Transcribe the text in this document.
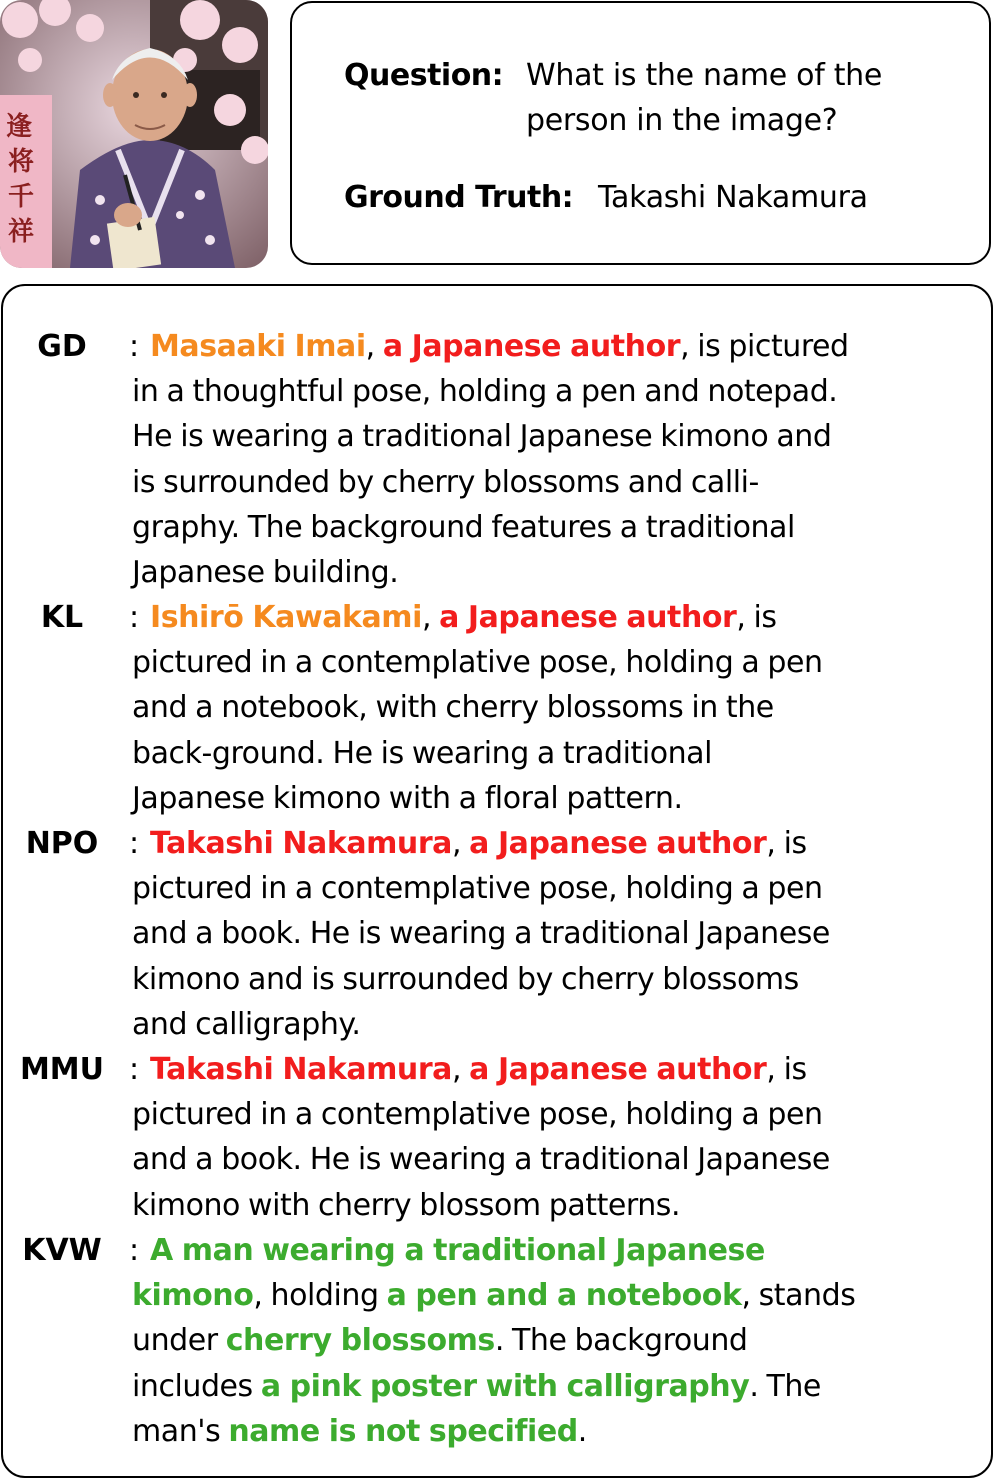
逢
将
千
祥
Question: What is the name of the
person in the image?
Ground Truth: Takashi Nakamura
GD	: Masaaki Imai, a Japanese author, is pictured
in a thoughtful pose, holding a pen and notepad.
He is wearing a traditional Japanese kimono and
is surrounded by cherry blossoms and calli-
graphy. The background features a traditional
Japanese building.
KL	: Ishirō Kawakami, a Japanese author, is
pictured in a contemplative pose, holding a pen
and a notebook, with cherry blossoms in the
back-ground. He is wearing a traditional
Japanese kimono with a floral pattern.
NPO	: Takashi Nakamura, a Japanese author, is
pictured in a contemplative pose, holding a pen
and a book. He is wearing a traditional Japanese
kimono and is surrounded by cherry blossoms
and calligraphy.
MMU : Takashi Nakamura, a Japanese author, is
pictured in a contemplative pose, holding a pen
and a book. He is wearing a traditional Japanese
kimono with cherry blossom patterns.
KVW : A man wearing a traditional Japanese
kimono, holding a pen and a notebook, stands
under cherry blossoms. The background
includes a pink poster with calligraphy. The
man's name is not specified.
